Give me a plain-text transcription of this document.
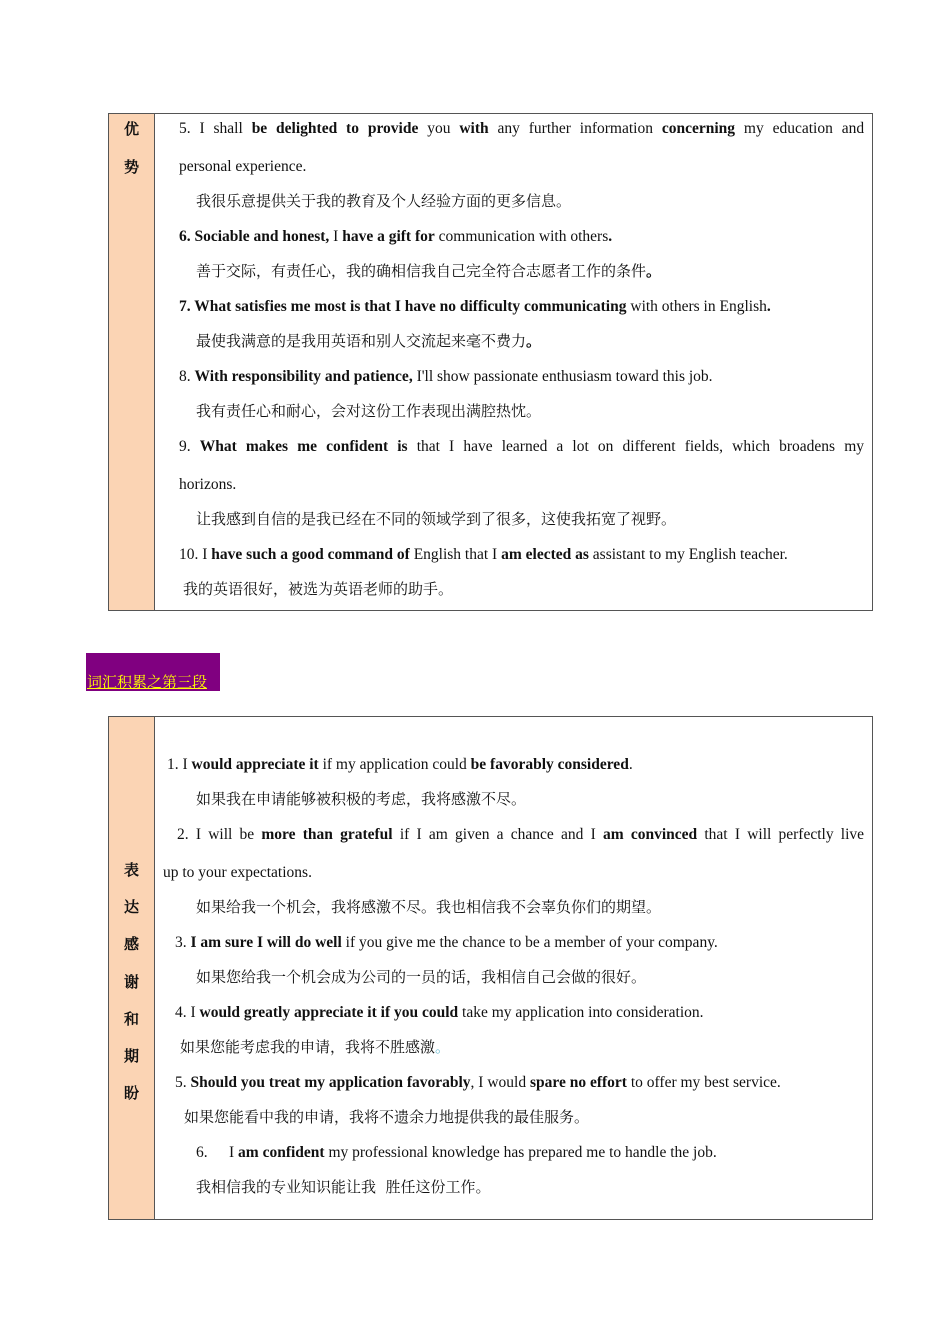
优
势
5. I shall be delighted to provide you with any further information concerning my education and
personal experience.
我很乐意提供关于我的教育及个人经验方面的更多信息。
6. Sociable and honest, I have a gift for communication with others.
善于交际，有责任心，我的确相信我自己完全符合志愿者工作的条件。
7. What satisfies me most is that I have no difficulty communicating with others in English.
最使我满意的是我用英语和别人交流起来毫不费力。
8. With responsibility and patience, I'll show passionate enthusiasm toward this job.
我有责任心和耐心，会对这份工作表现出满腔热忱。
9. What makes me confident is that I have learned a lot on different fields, which broadens my
horizons.
让我感到自信的是我已经在不同的领域学到了很多，这使我拓宽了视野。
10. I have such a good command of English that I am elected as assistant to my English teacher.
我的英语很好，被选为英语老师的助手。
词汇积累之第三段
表
达
感
谢
和
期
盼
1. I would appreciate it if my application could be favorably considered.
如果我在申请能够被积极的考虑，我将感激不尽。
2. I will be more than grateful if I am given a chance and I am convinced that I will perfectly live
up to your expectations.
如果给我一个机会，我将感激不尽。我也相信我不会辜负你们的期望。
3. I am sure I will do well if you give me the chance to be a member of your company.
如果您给我一个机会成为公司的一员的话，我相信自己会做的很好。
4. I would greatly appreciate it if you could take my application into consideration.
如果您能考虑我的申请，我将不胜感激。
5. Should you treat my application favorably, I would spare no effort to offer my best service.
如果您能看中我的申请，我将不遗余力地提供我的最佳服务。
6. I am confident my professional knowledge has prepared me to handle the job.
我相信我的专业知识能让我  胜任这份工作。
